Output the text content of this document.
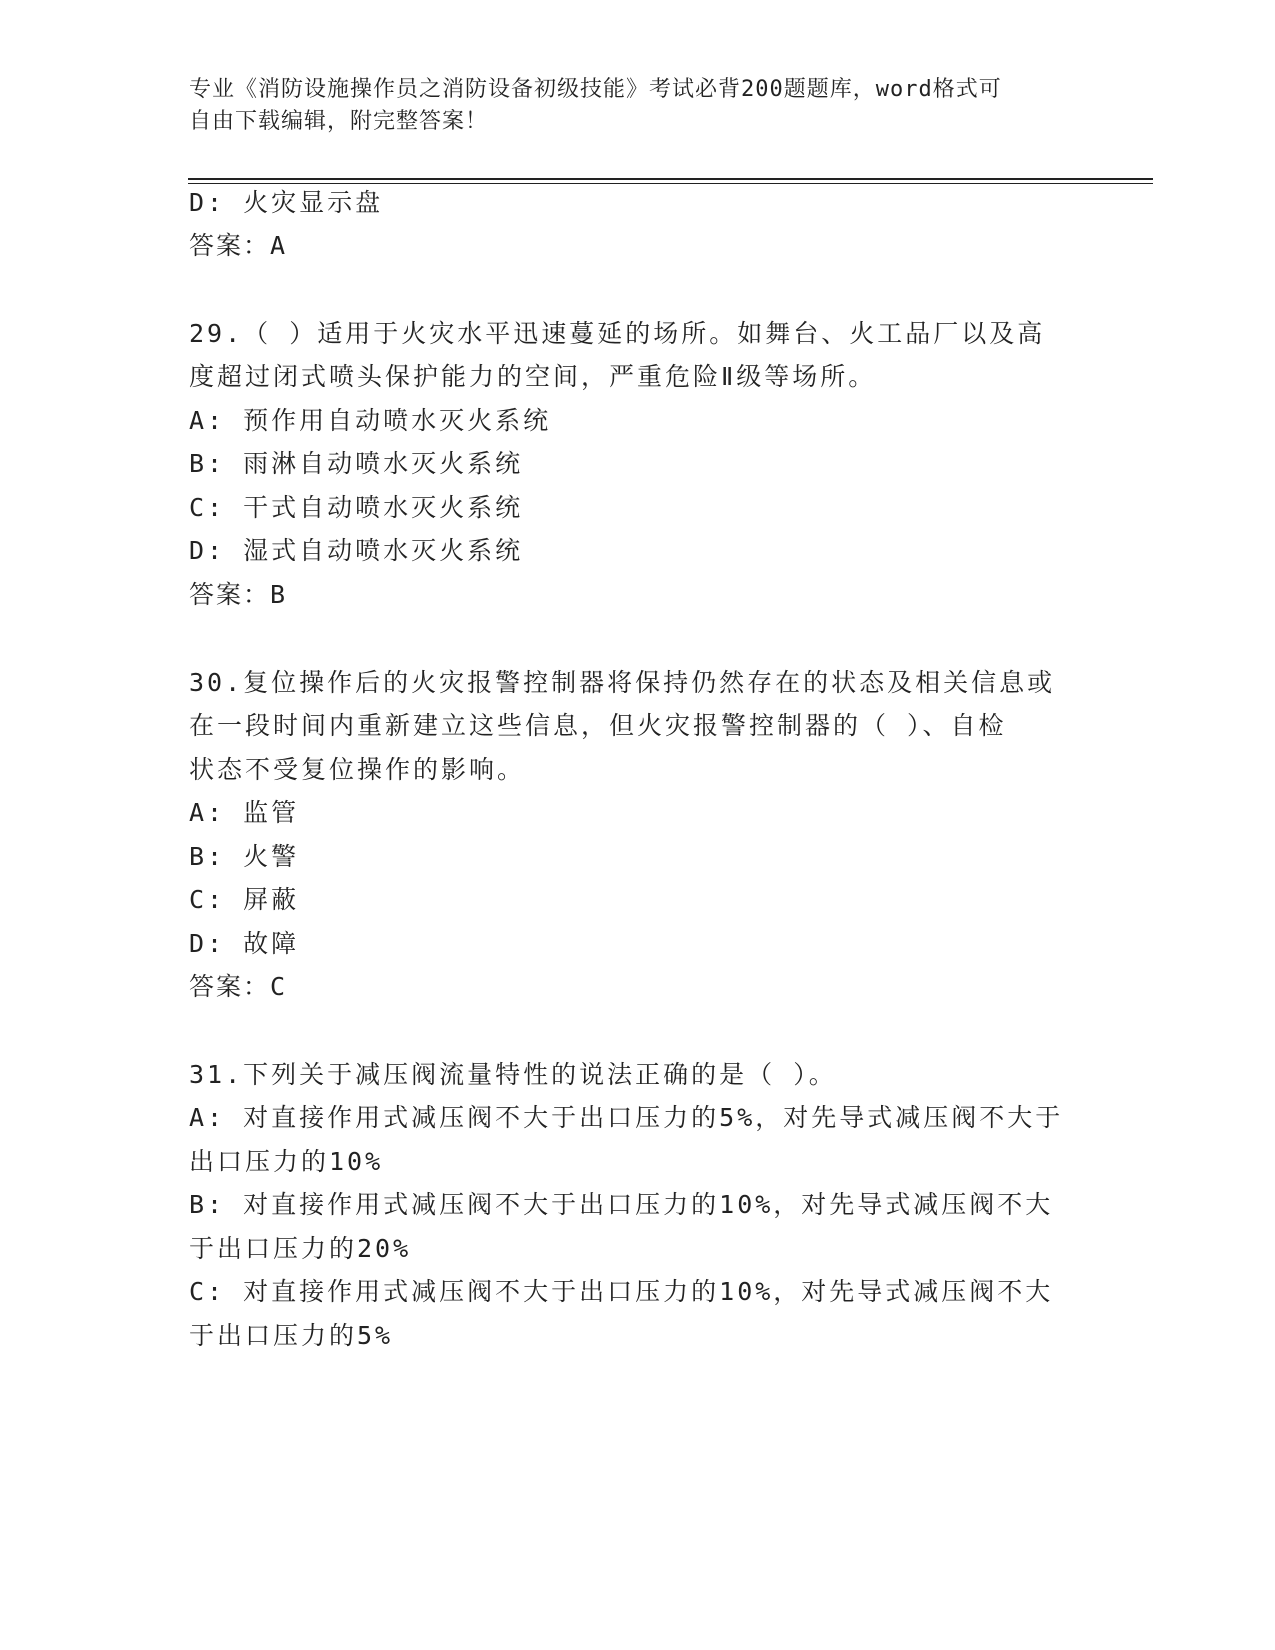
专业《消防设施操作员之消防设备初级技能》考试必背200题题库，word格式可
自由下载编辑，附完整答案！
D: 火灾显示盘
答案：A
29.（ ）适用于火灾水平迅速蔓延的场所。如舞台、火工品厂以及高
度超过闭式喷头保护能力的空间，严重危险Ⅱ级等场所。
A: 预作用自动喷水灭火系统
B: 雨淋自动喷水灭火系统
C: 干式自动喷水灭火系统
D: 湿式自动喷水灭火系统
答案：B
30.复位操作后的火灾报警控制器将保持仍然存在的状态及相关信息或
在一段时间内重新建立这些信息，但火灾报警控制器的（ ）、自检
状态不受复位操作的影响。
A: 监管
B: 火警
C: 屏蔽
D: 故障
答案：C
31.下列关于减压阀流量特性的说法正确的是（ ）。
A: 对直接作用式减压阀不大于出口压力的5%，对先导式减压阀不大于
出口压力的10%
B: 对直接作用式减压阀不大于出口压力的10%，对先导式减压阀不大
于出口压力的20%
C: 对直接作用式减压阀不大于出口压力的10%，对先导式减压阀不大
于出口压力的5%
